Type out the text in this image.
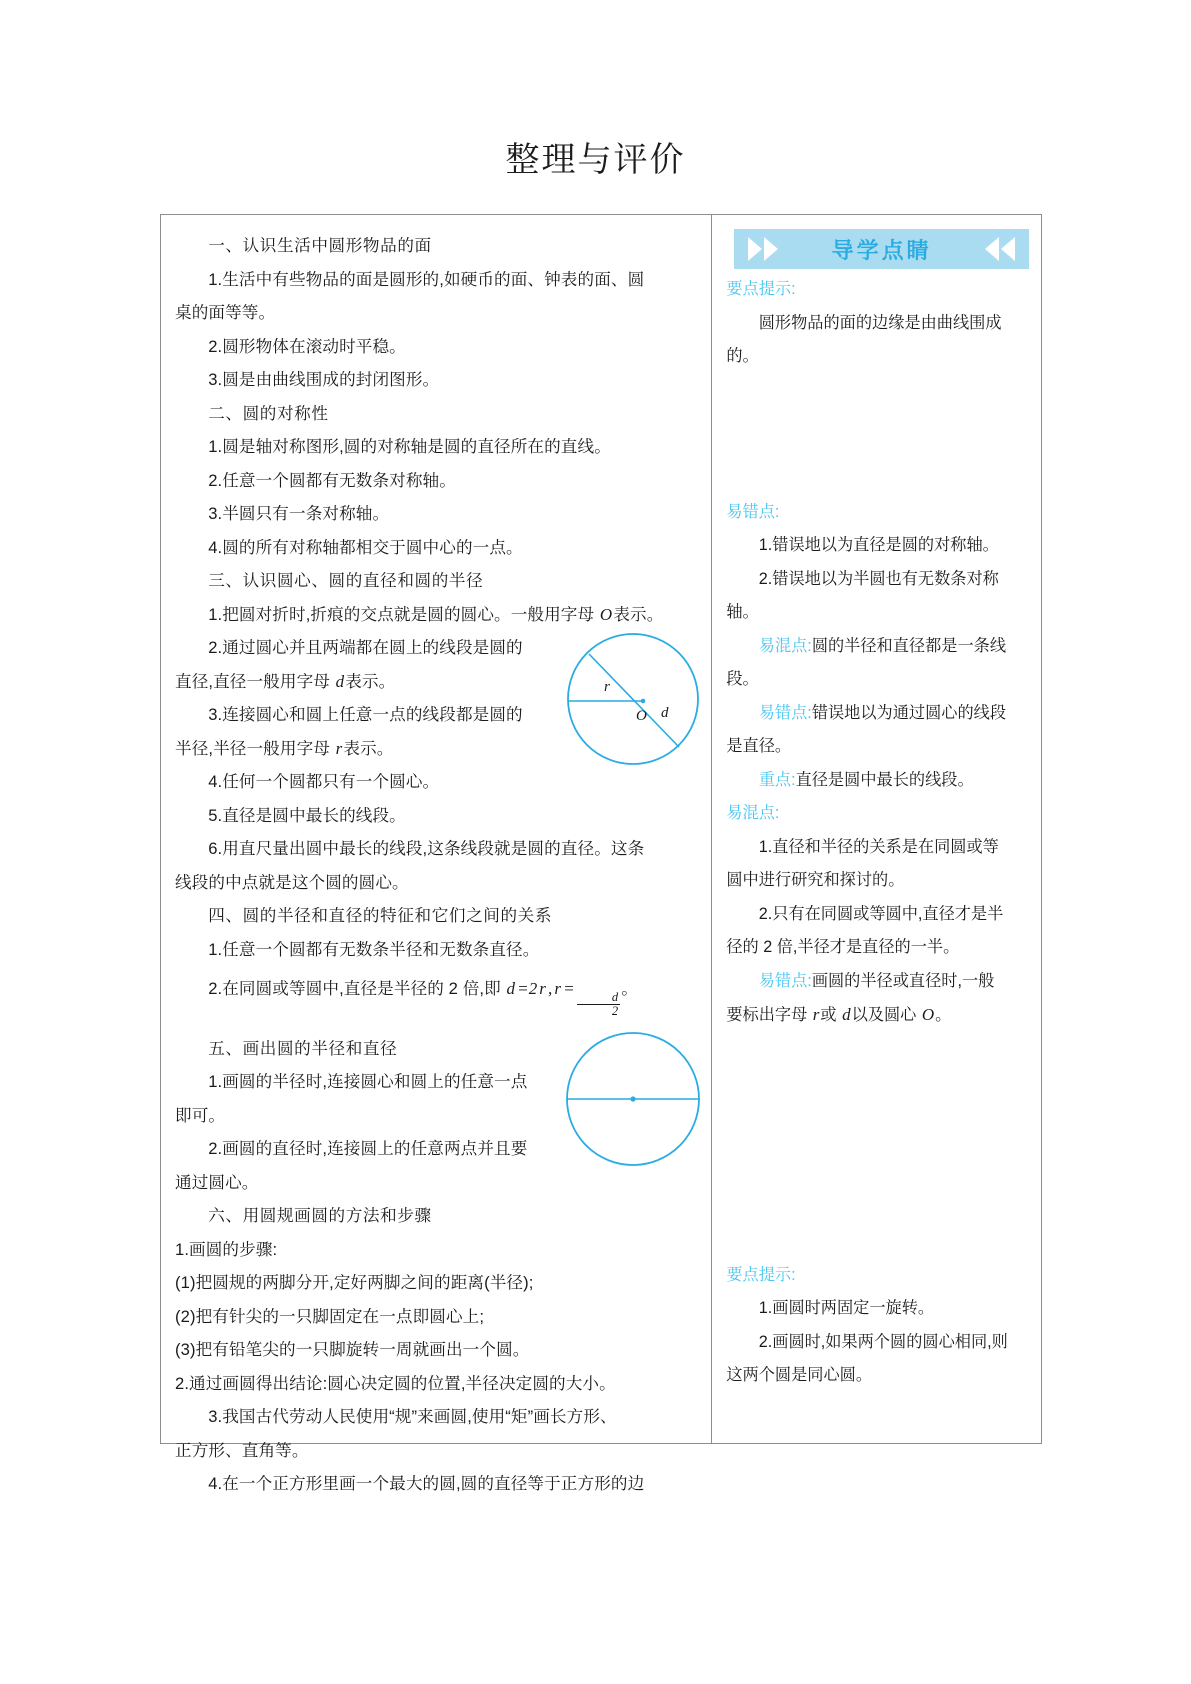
整理与评价
一、认识生活中圆形物品的面
1.生活中有些物品的面是圆形的,如硬币的面、钟表的面、圆
桌的面等等。
2.圆形物体在滚动时平稳。
3.圆是由曲线围成的封闭图形。
二、圆的对称性
1.圆是轴对称图形,圆的对称轴是圆的直径所在的直线。
2.任意一个圆都有无数条对称轴。
3.半圆只有一条对称轴。
4.圆的所有对称轴都相交于圆中心的一点。
三、认识圆心、圆的直径和圆的半径
1.把圆对折时,折痕的交点就是圆的圆心。一般用字母 O表示。
2.通过圆心并且两端都在圆上的线段是圆的
直径,直径一般用字母 d表示。
3.连接圆心和圆上任意一点的线段都是圆的
半径,半径一般用字母 r表示。
4.任何一个圆都只有一个圆心。
5.直径是圆中最长的线段。
6.用直尺量出圆中最长的线段,这条线段就是圆的直径。这条
线段的中点就是这个圆的圆心。
四、圆的半径和直径的特征和它们之间的关系
1.任意一个圆都有无数条半径和无数条直径。
2.在同圆或等圆中,直径是半径的 2 倍,即 d =2 r , r =
$\frac{d}{2}$
。
五、画出圆的半径和直径
1.画圆的半径时,连接圆心和圆上的任意一点
即可。
2.画圆的直径时,连接圆上的任意两点并且要
通过圆心。
六、用圆规画圆的方法和步骤
1.画圆的步骤:
(1)把圆规的两脚分开,定好两脚之间的距离(半径);
(2)把有针尖的一只脚固定在一点即圆心上;
(3)把有铅笔尖的一只脚旋转一周就画出一个圆。
2.通过画圆得出结论:圆心决定圆的位置,半径决定圆的大小。
3.我国古代劳动人民使用“规”来画圆,使用“矩”画长方形、
正方形、直角等。
4.在一个正方形里画一个最大的圆,圆的直径等于正方形的边
r
O d
导学点睛
要点提示:
圆形物品的面的边缘是由曲线围成
的。
易错点:
1.错误地以为直径是圆的对称轴。
2.错误地以为半圆也有无数条对称
轴。
易混点:圆的半径和直径都是一条线
段。
易错点:错误地以为通过圆心的线段
是直径。
重点:直径是圆中最长的线段。
易混点:
1.直径和半径的关系是在同圆或等
圆中进行研究和探讨的。
2.只有在同圆或等圆中,直径才是半
径的 2 倍,半径才是直径的一半。
易错点:画圆的半径或直径时,一般
要标出字母 r或 d以及圆心 O。
要点提示:
1.画圆时两固定一旋转。
2.画圆时,如果两个圆的圆心相同,则
这两个圆是同心圆。
